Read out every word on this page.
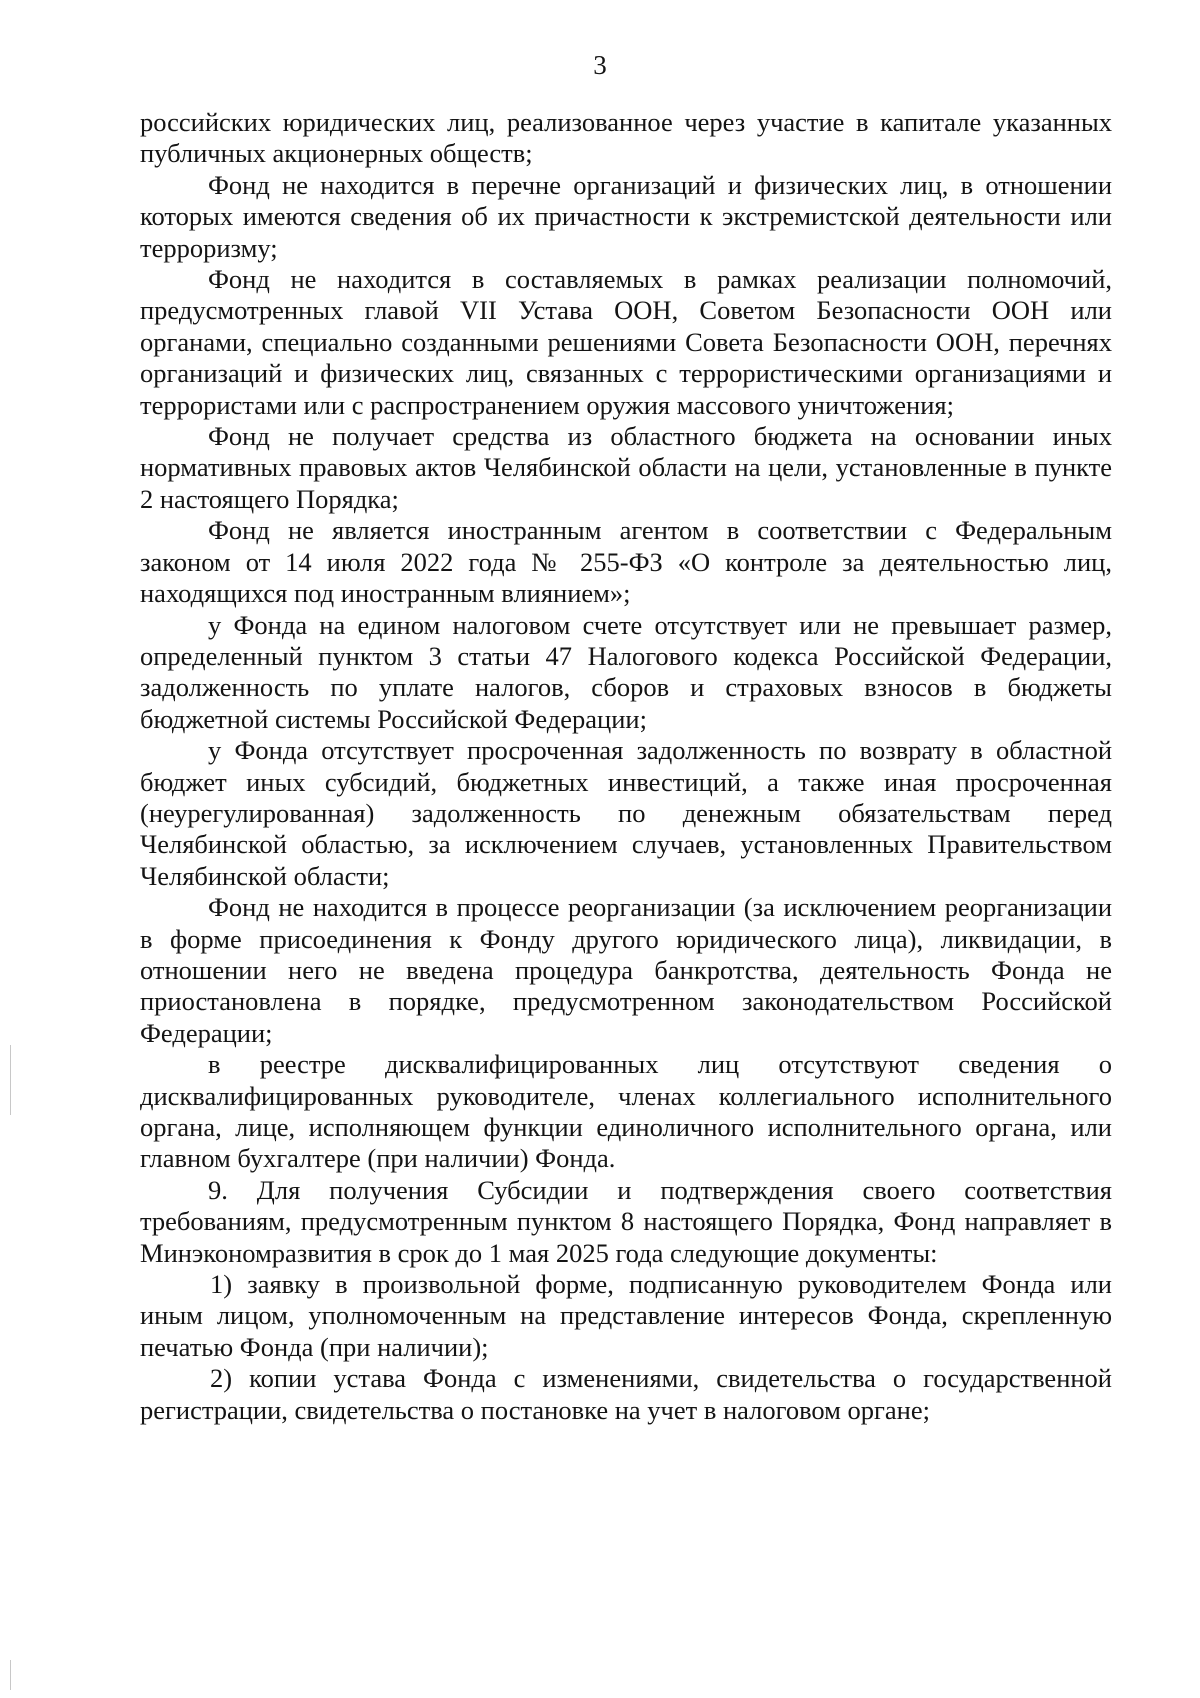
3

российских юридических лиц, реализованное через участие в капитале указанных публичных акционерных обществ;

Фонд не находится в перечне организаций и физических лиц, в отношении которых имеются сведения об их причастности к экстремистской деятельности или терроризму;

Фонд не находится в составляемых в рамках реализации полномочий, предусмотренных главой VII Устава ООН, Советом Безопасности ООН или органами, специально созданными решениями Совета Безопасности ООН, перечнях организаций и физических лиц, связанных с террористическими организациями и террористами или с распространением оружия массового уничтожения;

Фонд не получает средства из областного бюджета на основании иных нормативных правовых актов Челябинской области на цели, установленные в пункте 2 настоящего Порядка;

Фонд не является иностранным агентом в соответствии с Федеральным законом от 14 июля 2022 года № 255-ФЗ «О контроле за деятельностью лиц, находящихся под иностранным влиянием»;

у Фонда на едином налоговом счете отсутствует или не превышает размер, определенный пунктом 3 статьи 47 Налогового кодекса Российской Федерации, задолженность по уплате налогов, сборов и страховых взносов в бюджеты бюджетной системы Российской Федерации;

у Фонда отсутствует просроченная задолженность по возврату в областной бюджет иных субсидий, бюджетных инвестиций, а также иная просроченная (неурегулированная) задолженность по денежным обязательствам перед Челябинской областью, за исключением случаев, установленных Правительством Челябинской области;

Фонд не находится в процессе реорганизации (за исключением реорганизации в форме присоединения к Фонду другого юридического лица), ликвидации, в отношении него не введена процедура банкротства, деятельность Фонда не приостановлена в порядке, предусмотренном законодательством Российской Федерации;

в реестре дисквалифицированных лиц отсутствуют сведения о дисквалифицированных руководителе, членах коллегиального исполнительного органа, лице, исполняющем функции единоличного исполнительного органа, или главном бухгалтере (при наличии) Фонда.

9. Для получения Субсидии и подтверждения своего соответствия требованиям, предусмотренным пунктом 8 настоящего Порядка, Фонд направляет в Минэкономразвития в срок до 1 мая 2025 года следующие документы:

1) заявку в произвольной форме, подписанную руководителем Фонда или иным лицом, уполномоченным на представление интересов Фонда, скрепленную печатью Фонда (при наличии);

2) копии устава Фонда с изменениями, свидетельства о государственной регистрации, свидетельства о постановке на учет в налоговом органе;
